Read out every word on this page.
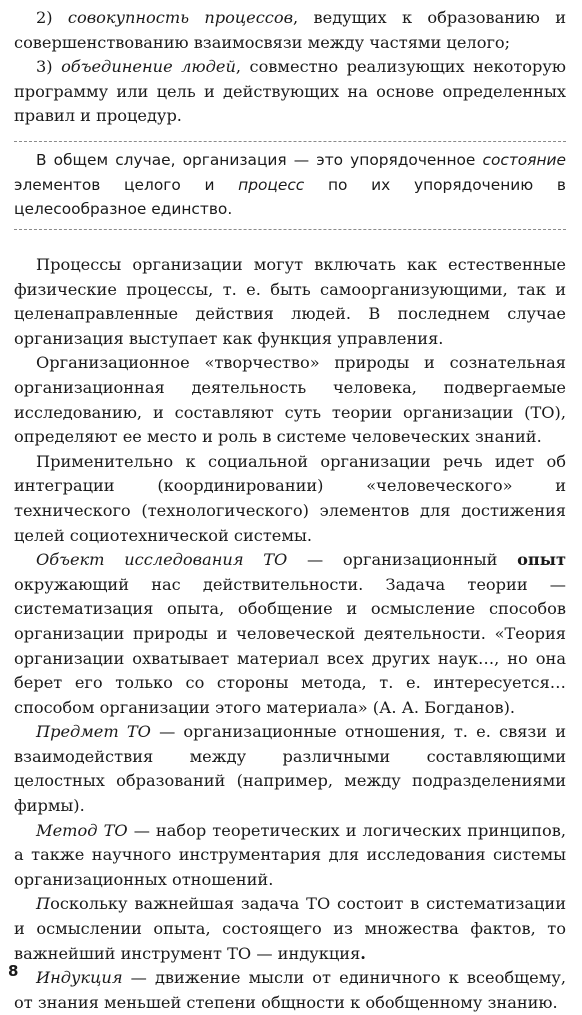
2) совокупность процессов, ведущих к образованию и совершенствованию взаимосвязи между частями целого;

3) объединение людей, совместно реализующих некоторую программу или цель и действующих на основе определенных правил и процедур.

В общем случае, организация — это упорядоченное состояние элементов целого и процесс по их упорядочению в целесообразное единство.

Процессы организации могут включать как естественные физические процессы, т. е. быть самоорганизующими, так и целенаправленные действия людей. В последнем случае организация выступает как функция управления.

Организационное «творчество» природы и сознательная организационная деятельность человека, подвергаемые исследованию, и составляют суть теории организации (ТО), определяют ее место и роль в системе человеческих знаний.

Применительно к социальной организации речь идет об интеграции (координировании) «человеческого» и технического (технологического) элементов для достижения целей социотехнической системы.

Объект исследования ТО — организационный опыт окружающий нас действительности. Задача теории — систематизация опыта, обобщение и осмысление способов организации природы и человеческой деятельности. «Теория организации охватывает материал всех других наук…, но она берет его только со стороны метода, т. е. интересуется… способом организации этого материала» (А. А. Богданов).

Предмет ТО — организационные отношения, т. е. связи и взаимодействия между различными составляющими целостных образований (например, между подразделениями фирмы).

Метод ТО — набор теоретических и логических принципов, а также научного инструментария для исследования системы организационных отношений.

Поскольку важнейшая задача ТО состоит в систематизации и осмыслении опыта, состоящего из множества фактов, то важнейший инструмент ТО — индукция.

Индукция — движение мысли от единичного к всеобщему, от знания меньшей степени общности к обобщенному знанию.

8
